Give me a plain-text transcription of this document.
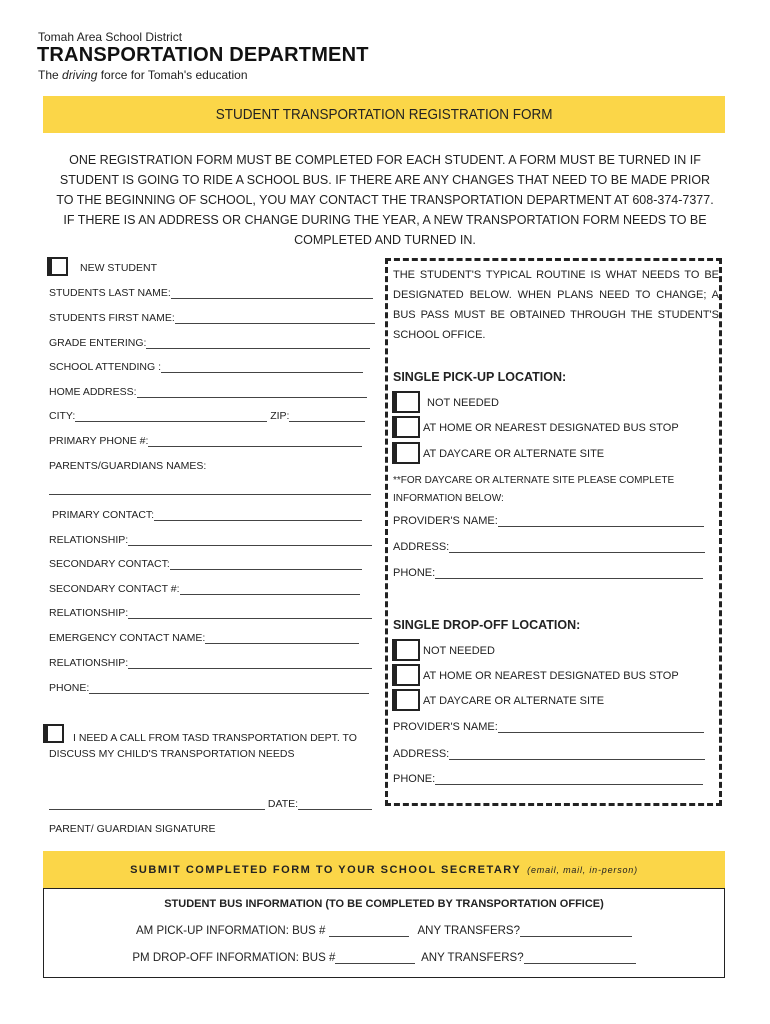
Tomah Area School District
TRANSPORTATION DEPARTMENT
The driving force for Tomah's education
STUDENT TRANSPORTATION REGISTRATION FORM
ONE REGISTRATION FORM MUST BE COMPLETED FOR EACH STUDENT. A FORM MUST BE TURNED IN IF STUDENT IS GOING TO RIDE A SCHOOL BUS. IF THERE ARE ANY CHANGES THAT NEED TO BE MADE PRIOR TO THE BEGINNING OF SCHOOL, YOU MAY CONTACT THE TRANSPORTATION DEPARTMENT AT 608-374-7377. IF THERE IS AN ADDRESS OR CHANGE DURING THE YEAR, A NEW TRANSPORTATION FORM NEEDS TO BE COMPLETED AND TURNED IN.
NEW STUDENT
STUDENTS LAST NAME:
STUDENTS FIRST NAME:
GRADE ENTERING:
SCHOOL ATTENDING :
HOME ADDRESS:
CITY:	ZIP:
PRIMARY PHONE #:
PARENTS/GUARDIANS NAMES:
PRIMARY CONTACT:
RELATIONSHIP:
SECONDARY CONTACT:
SECONDARY CONTACT #:
RELATIONSHIP:
EMERGENCY CONTACT NAME:
RELATIONSHIP:
PHONE:
I NEED A CALL FROM TASD TRANSPORTATION DEPT. TO
DISCUSS MY CHILD'S TRANSPORTATION NEEDS
DATE:
PARENT/ GUARDIAN SIGNATURE
THE STUDENT'S TYPICAL ROUTINE IS WHAT NEEDS TO BE DESIGNATED BELOW. WHEN PLANS NEED TO CHANGE; A BUS PASS MUST BE OBTAINED THROUGH THE STUDENT'S SCHOOL OFFICE.
SINGLE PICK-UP LOCATION:
NOT NEEDED
AT HOME OR NEAREST DESIGNATED BUS STOP
AT DAYCARE OR ALTERNATE SITE
**FOR DAYCARE OR ALTERNATE SITE PLEASE COMPLETE INFORMATION BELOW:
PROVIDER'S NAME:
ADDRESS:
PHONE:
SINGLE DROP-OFF LOCATION:
NOT NEEDED
AT HOME OR NEAREST DESIGNATED BUS STOP
AT DAYCARE OR ALTERNATE SITE
PROVIDER'S NAME:
ADDRESS:
PHONE:
SUBMIT COMPLETED FORM TO YOUR SCHOOL SECRETARY (email, mail, in-person)
STUDENT BUS INFORMATION (TO BE COMPLETED BY TRANSPORTATION OFFICE)
AM PICK-UP INFORMATION: BUS #	ANY TRANSFERS?
PM DROP-OFF INFORMATION: BUS #	ANY TRANSFERS?
